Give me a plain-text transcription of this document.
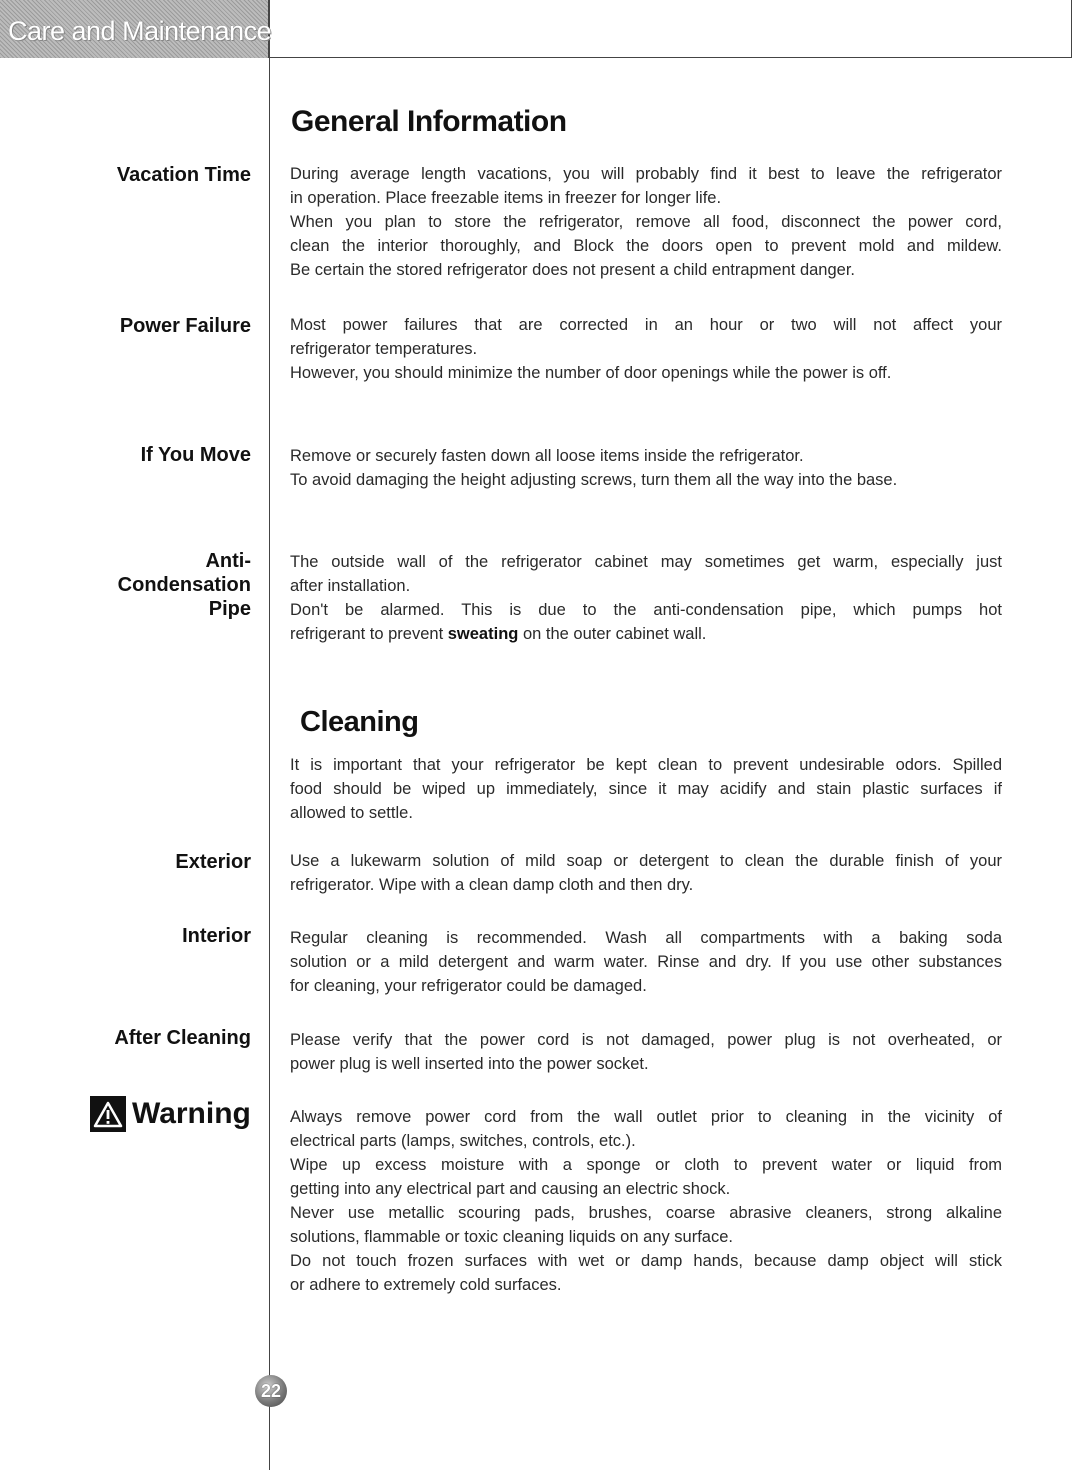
Care and Maintenance
General Information
Vacation Time During average length vacations, you will probably find it best to leave the refrigerator
in operation. Place freezable items in freezer for longer life.
When you plan to store the refrigerator, remove all food, disconnect the power cord,
clean the interior thoroughly, and Block the doors open to prevent mold and mildew.
Be certain the stored refrigerator does not present a child entrapment danger.
Power Failure Most power failures that are corrected in an hour or two will not affect your
refrigerator temperatures.
However, you should minimize the number of door openings while the power is off.
If You Move Remove or securely fasten down all loose items inside the refrigerator.
To avoid damaging the height adjusting screws, turn them all the way into the base.
Anti-
Condensation
Pipe
The outside wall of the refrigerator cabinet may sometimes get warm, especially just
after installation.
Don't be alarmed. This is due to the anti-condensation pipe, which pumps hot
refrigerant to prevent sweating on the outer cabinet wall.
Cleaning
It is important that your refrigerator be kept clean to prevent undesirable odors. Spilled
food should be wiped up immediately, since it may acidify and stain plastic surfaces if
allowed to settle.
Exterior Use a lukewarm solution of mild soap or detergent to clean the durable finish of your
refrigerator. Wipe with a clean damp cloth and then dry.
Interior Regular cleaning is recommended. Wash all compartments with a baking soda
solution or a mild detergent and warm water. Rinse and dry. If you use other substances
for cleaning, your refrigerator could be damaged.
After Cleaning Please verify that the power cord is not damaged, power plug is not overheated, or
power plug is well inserted into the power socket.
Warning Always remove power cord from the wall outlet prior to cleaning in the vicinity of
electrical parts (lamps, switches, controls, etc.).
Wipe up excess moisture with a sponge or cloth to prevent water or liquid from
getting into any electrical part and causing an electric shock.
Never use metallic scouring pads, brushes, coarse abrasive cleaners, strong alkaline
solutions, flammable or toxic cleaning liquids on any surface.
Do not touch frozen surfaces with wet or damp hands, because damp object will stick
or adhere to extremely cold surfaces.
22
